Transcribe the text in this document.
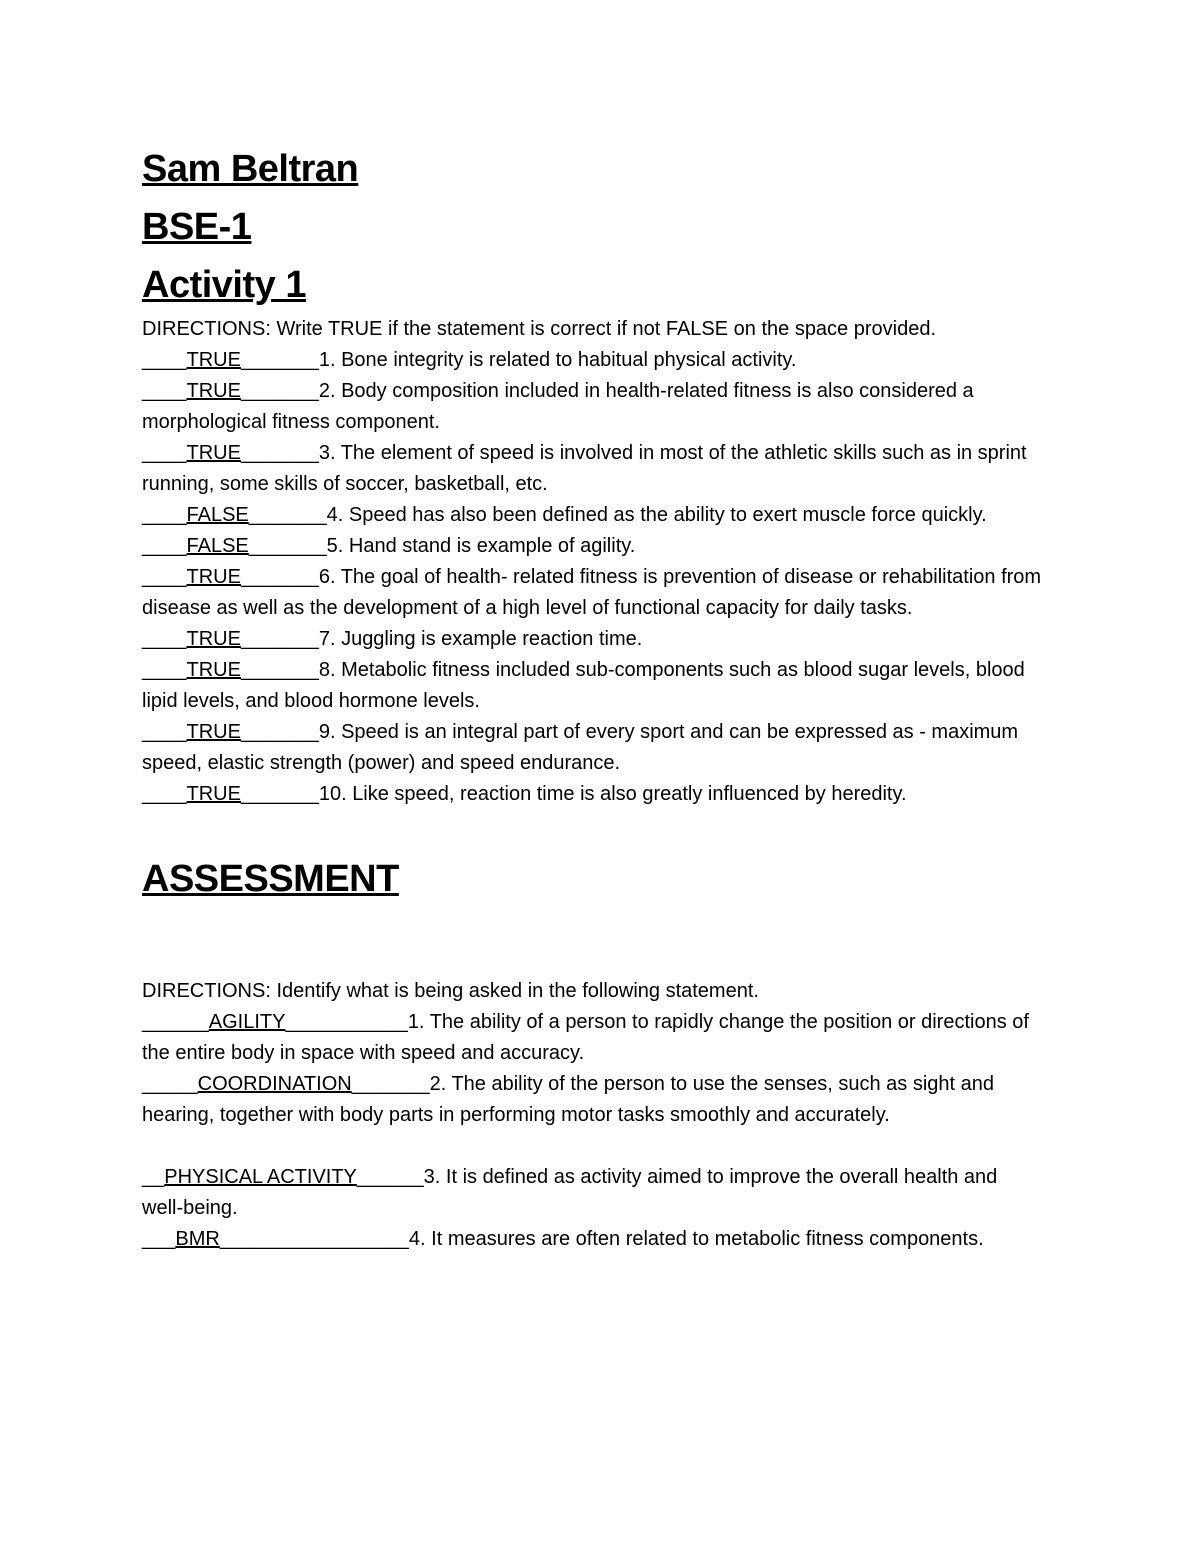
Sam Beltran

BSE-1

Activity 1

DIRECTIONS: Write TRUE if the statement is correct if not FALSE on the space provided.

____TRUE_______1. Bone integrity is related to habitual physical activity.

____TRUE_______2. Body composition included in health-related fitness is also considered a morphological fitness component.

____TRUE_______3. The element of speed is involved in most of the athletic skills such as in sprint running, some skills of soccer, basketball, etc.

____FALSE_______4. Speed has also been defined as the ability to exert muscle force quickly.

____FALSE_______5. Hand stand is example of agility.

____TRUE_______6. The goal of health- related fitness is prevention of disease or rehabilitation from disease as well as the development of a high level of functional capacity for daily tasks.

____TRUE_______7. Juggling is example reaction time.

____TRUE_______8. Metabolic fitness included sub-components such as blood sugar levels, blood lipid levels, and blood hormone levels.

____TRUE_______9. Speed is an integral part of every sport and can be expressed as - maximum speed, elastic strength (power) and speed endurance.

____TRUE_______10. Like speed, reaction time is also greatly influenced by heredity.

ASSESSMENT

DIRECTIONS: Identify what is being asked in the following statement.

______AGILITY___________1. The ability of a person to rapidly change the position or directions of the entire body in space with speed and accuracy.

_____COORDINATION_______2. The ability of the person to use the senses, such as sight and hearing, together with body parts in performing motor tasks smoothly and accurately.

__PHYSICAL ACTIVITY______3. It is defined as activity aimed to improve the overall health and well-being.

___BMR_________________4. It measures are often related to metabolic fitness components.
